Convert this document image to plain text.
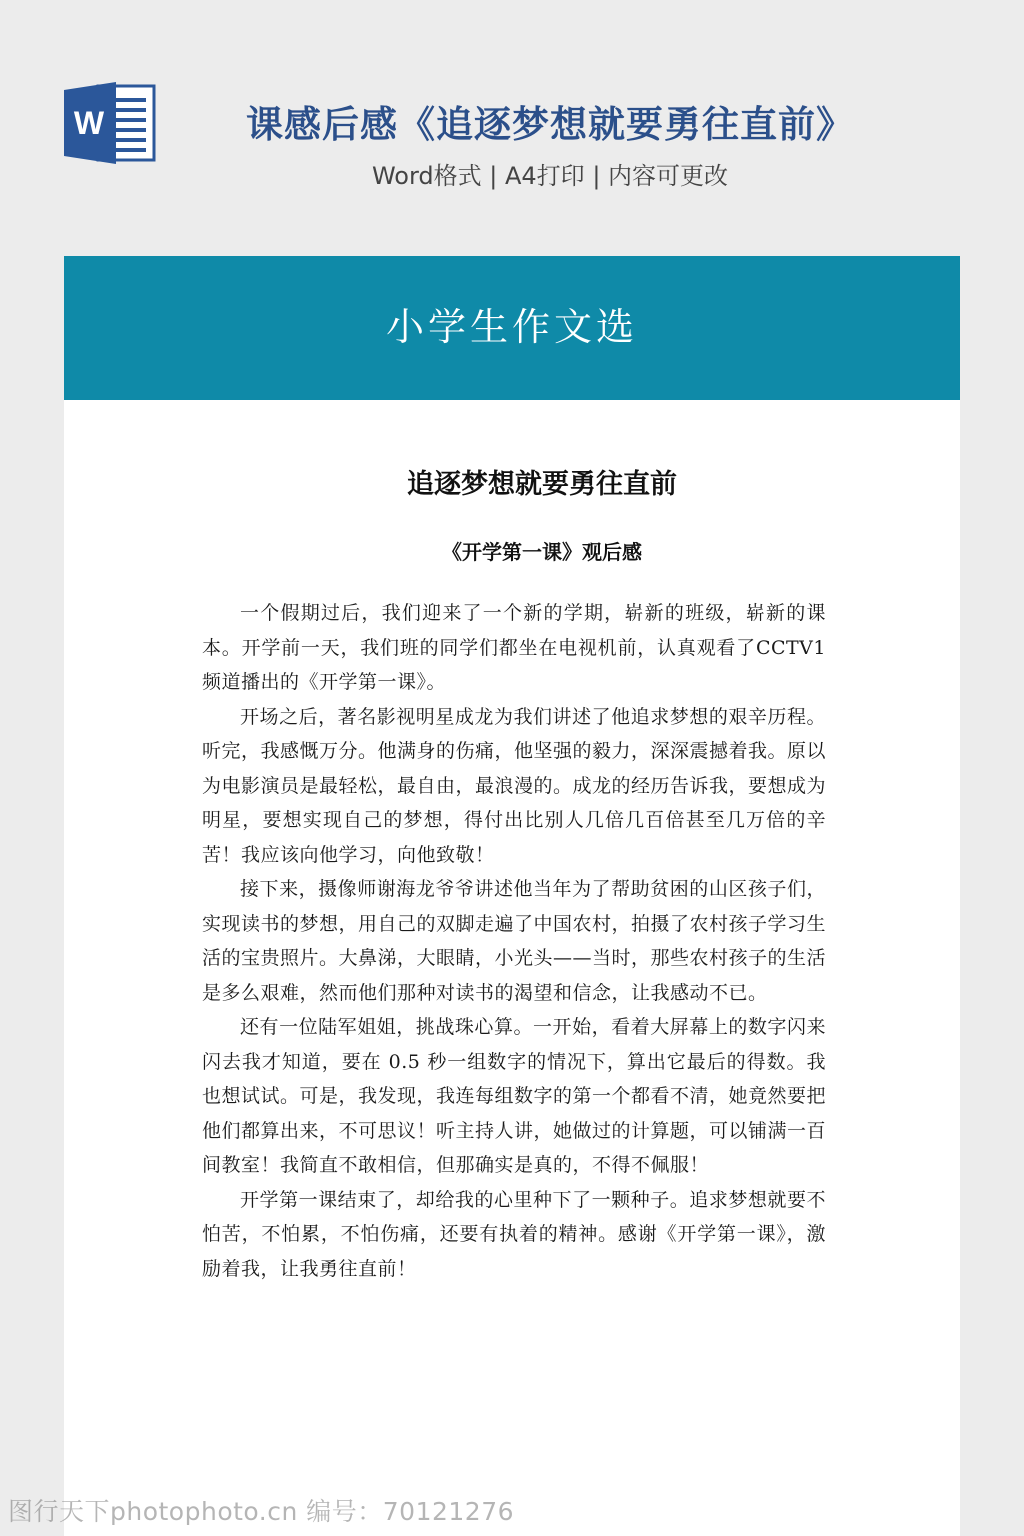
W	课感后感《追逐梦想就要勇往直前》
Word格式 | A4打印 | 内容可更改
小学生作文选
追逐梦想就要勇往直前
《开学第一课》观后感

一个假期过后，我们迎来了一个新的学期，崭新的班级，崭新的课本。开学前一天，我们班的同学们都坐在电视机前，认真观看了CCTV1 频道播出的《开学第一课》。

开场之后，著名影视明星成龙为我们讲述了他追求梦想的艰辛历程。听完，我感慨万分。他满身的伤痛，他坚强的毅力，深深震撼着我。原以为电影演员是最轻松，最自由，最浪漫的。成龙的经历告诉我，要想成为明星，要想实现自己的梦想，得付出比别人几倍几百倍甚至几万倍的辛苦！我应该向他学习，向他致敬！

接下来，摄像师谢海龙爷爷讲述他当年为了帮助贫困的山区孩子们，实现读书的梦想，用自己的双脚走遍了中国农村，拍摄了农村孩子学习生活的宝贵照片。大鼻涕，大眼睛，小光头——当时，那些农村孩子的生活是多么艰难，然而他们那种对读书的渴望和信念，让我感动不已。

还有一位陆军姐姐，挑战珠心算。一开始，看着大屏幕上的数字闪来闪去我才知道，要在 0.5 秒一组数字的情况下，算出它最后的得数。我也想试试。可是，我发现，我连每组数字的第一个都看不清，她竟然要把他们都算出来，不可思议！听主持人讲，她做过的计算题，可以铺满一百间教室！我简直不敢相信，但那确实是真的，不得不佩服！

开学第一课结束了，却给我的心里种下了一颗种子。追求梦想就要不怕苦，不怕累，不怕伤痛，还要有执着的精神。感谢《开学第一课》，激励着我，让我勇往直前！

图行天下photophoto.cn 编号：70121276
